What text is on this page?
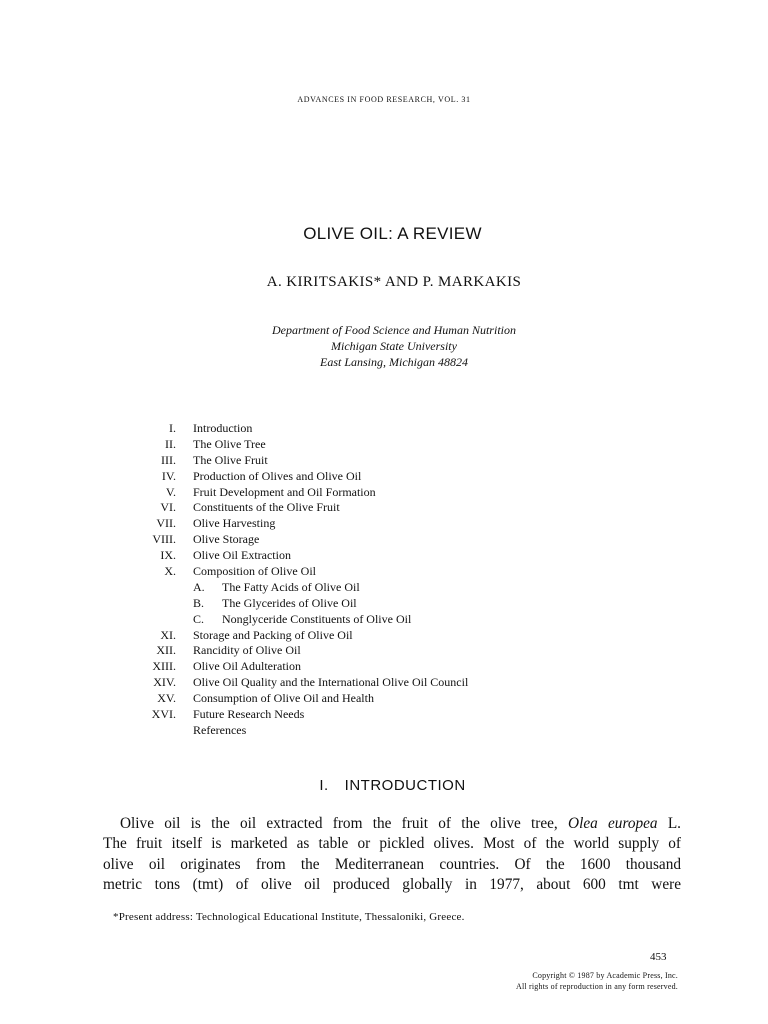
ADVANCES IN FOOD RESEARCH, VOL. 31
OLIVE OIL: A REVIEW
A. KIRITSAKIS* AND P. MARKAKIS
Department of Food Science and Human Nutrition
Michigan State University
East Lansing, Michigan 48824
I. Introduction
II. The Olive Tree
III. The Olive Fruit
IV. Production of Olives and Olive Oil
V. Fruit Development and Oil Formation
VI. Constituents of the Olive Fruit
VII. Olive Harvesting
VIII. Olive Storage
IX. Olive Oil Extraction
X. Composition of Olive Oil
A. The Fatty Acids of Olive Oil
B. The Glycerides of Olive Oil
C. Nonglyceride Constituents of Olive Oil
XI. Storage and Packing of Olive Oil
XII. Rancidity of Olive Oil
XIII. Olive Oil Adulteration
XIV. Olive Oil Quality and the International Olive Oil Council
XV. Consumption of Olive Oil and Health
XVI. Future Research Needs
References
I. INTRODUCTION
Olive oil is the oil extracted from the fruit of the olive tree, Olea europea L.
The fruit itself is marketed as table or pickled olives. Most of the world supply of
olive oil originates from the Mediterranean countries. Of the 1600 thousand
metric tons (tmt) of olive oil produced globally in 1977, about 600 tmt were
*Present address: Technological Educational Institute, Thessaloniki, Greece.
453
Copyright © 1987 by Academic Press, Inc.
All rights of reproduction in any form reserved.
